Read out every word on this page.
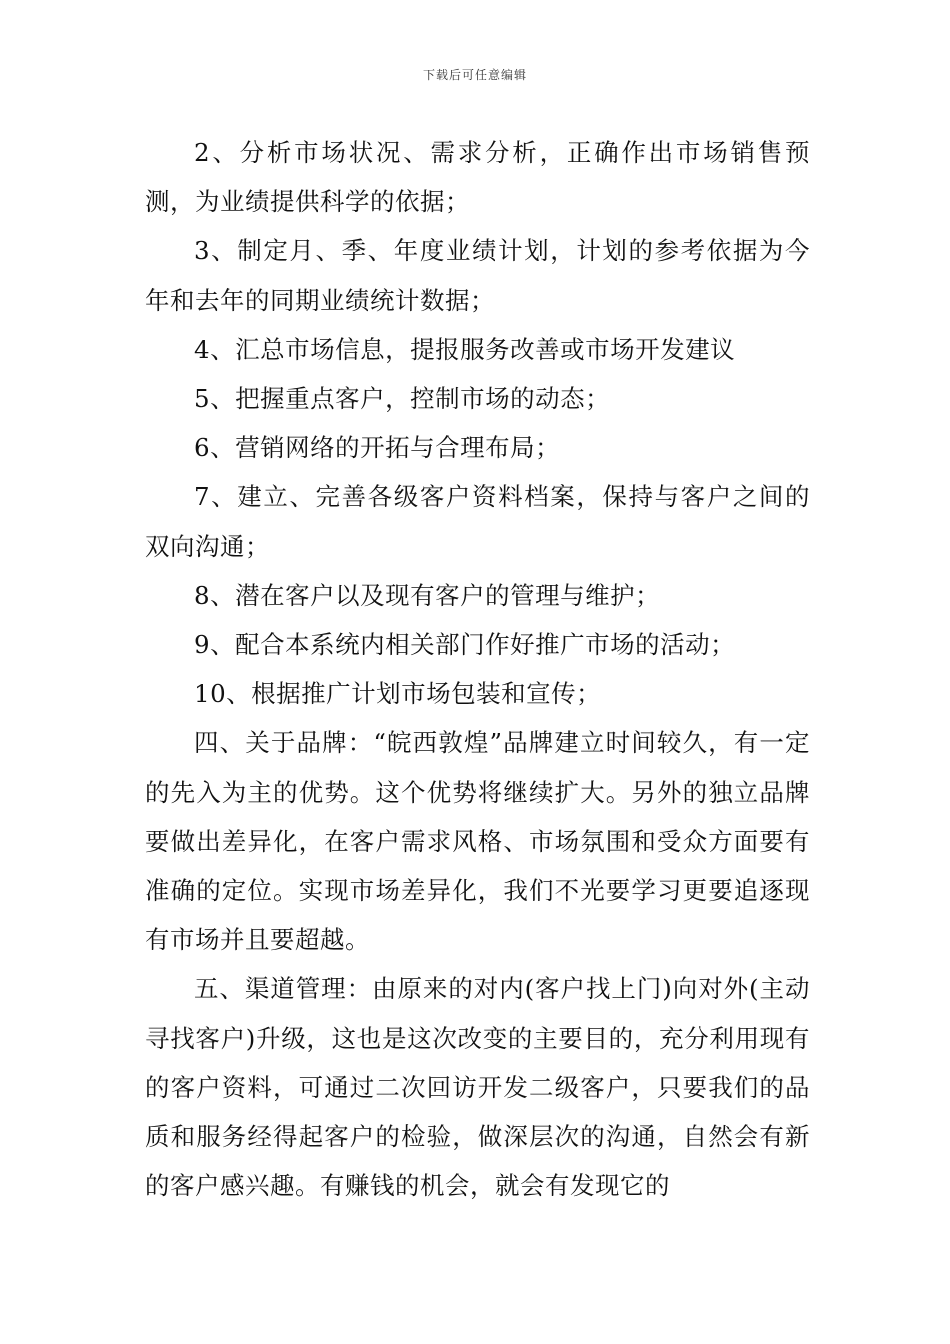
下载后可任意编辑

2、分析市场状况、需求分析，正确作出市场销售预测，为业绩提供科学的依据；

3、制定月、季、年度业绩计划，计划的参考依据为今年和去年的同期业绩统计数据；

4、汇总市场信息，提报服务改善或市场开发建议

5、把握重点客户，控制市场的动态；

6、营销网络的开拓与合理布局；

7、建立、完善各级客户资料档案，保持与客户之间的双向沟通；

8、潜在客户以及现有客户的管理与维护；

9、配合本系统内相关部门作好推广市场的活动；

10、根据推广计划市场包装和宣传；

四、关于品牌：“皖西敦煌”品牌建立时间较久，有一定的先入为主的优势。这个优势将继续扩大。另外的独立品牌要做出差异化，在客户需求风格、市场氛围和受众方面要有准确的定位。实现市场差异化，我们不光要学习更要追逐现有市场并且要超越。

五、渠道管理：由原来的对内(客户找上门)向对外(主动寻找客户)升级，这也是这次改变的主要目的，充分利用现有的客户资料，可通过二次回访开发二级客户，只要我们的品质和服务经得起客户的检验，做深层次的沟通，自然会有新的客户感兴趣。有赚钱的机会，就会有发现它的
